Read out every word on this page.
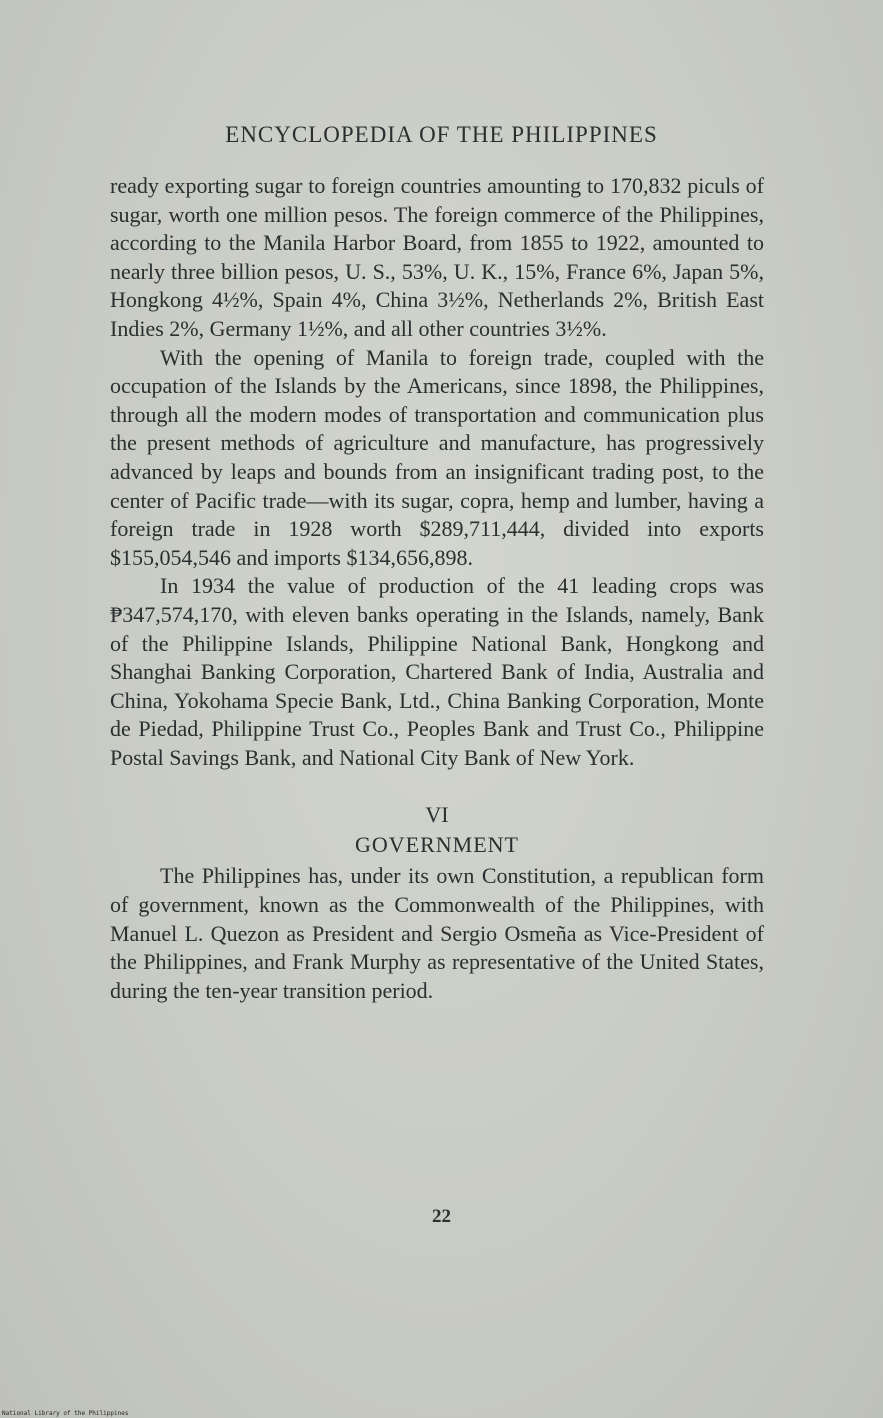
ENCYCLOPEDIA OF THE PHILIPPINES

ready exporting sugar to foreign countries amounting to 170,832 piculs of sugar, worth one million pesos. The foreign commerce of the Philippines, according to the Manila Harbor Board, from 1855 to 1922, amounted to nearly three billion pesos, U. S., 53%, U. K., 15%, France 6%, Japan 5%, Hongkong 4½%, Spain 4%, China 3½%, Netherlands 2%, British East Indies 2%, Germany 1½%, and all other countries 3½%.

With the opening of Manila to foreign trade, coupled with the occupation of the Islands by the Americans, since 1898, the Philippines, through all the modern modes of transportation and communication plus the present methods of agriculture and manufacture, has progressively advanced by leaps and bounds from an insignificant trading post, to the center of Pacific trade—with its sugar, copra, hemp and lumber, having a foreign trade in 1928 worth $289,711,444, divided into exports $155,054,546 and imports $134,656,898.

In 1934 the value of production of the 41 leading crops was ₱347,574,170, with eleven banks operating in the Islands, namely, Bank of the Philippine Islands, Philippine National Bank, Hongkong and Shanghai Banking Corporation, Chartered Bank of India, Australia and China, Yokohama Specie Bank, Ltd., China Banking Corporation, Monte de Piedad, Philippine Trust Co., Peoples Bank and Trust Co., Philippine Postal Savings Bank, and National City Bank of New York.

VI
GOVERNMENT

The Philippines has, under its own Constitution, a republican form of government, known as the Commonwealth of the Philippines, with Manuel L. Quezon as President and Sergio Osmeña as Vice-President of the Philippines, and Frank Murphy as representative of the United States, during the ten-year transition period.

22
National Library of the Philippines
